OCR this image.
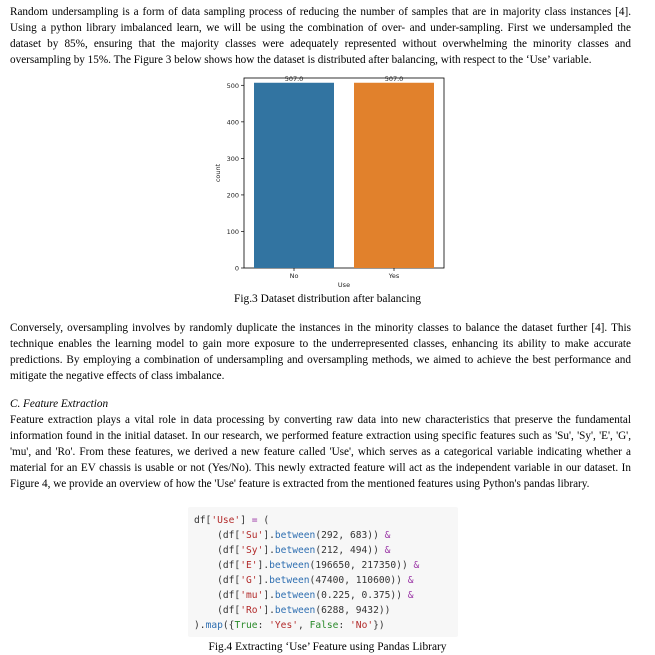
Random undersampling is a form of data sampling process of reducing the number of samples that are in majority class instances [4]. Using a python library imbalanced learn, we will be using the combination of over- and under-sampling. First we undersampled the dataset by 85%, ensuring that the majority classes were adequately represented without overwhelming the minority classes and oversampling by 15%. The Figure 3 below shows how the dataset is distributed after balancing, with respect to the ‘Use’ variable.

0
100
200
300
400
500
507.0
No
507.0
Yes
Use
count
Fig.3 Dataset distribution after balancing

Conversely, oversampling involves by randomly duplicate the instances in the minority classes to balance the dataset further [4]. This technique enables the learning model to gain more exposure to the underrepresented classes, enhancing its ability to make accurate predictions. By employing a combination of undersampling and oversampling methods, we aimed to achieve the best performance and mitigate the negative effects of class imbalance.

C. Feature Extraction

Feature extraction plays a vital role in data processing by converting raw data into new characteristics that preserve the fundamental information found in the initial dataset. In our research, we performed feature extraction using specific features such as 'Su', 'Sy', 'E', 'G', 'mu', and 'Ro'. From these features, we derived a new feature called 'Use', which serves as a categorical variable indicating whether a material for an EV chassis is usable or not (Yes/No). This newly extracted feature will act as the independent variable in our dataset. In Figure 4, we provide an overview of how the 'Use' feature is extracted from the mentioned features using Python's pandas library.

df['Use'] = (
(df['Su'].between(292, 683)) &
(df['Sy'].between(212, 494)) &
(df['E'].between(196650, 217350)) &
(df['G'].between(47400, 110600)) &
(df['mu'].between(0.225, 0.375)) &
(df['Ro'].between(6288, 9432))
).map({True: 'Yes', False: 'No'})
Fig.4 Extracting ‘Use’ Feature using Pandas Library
